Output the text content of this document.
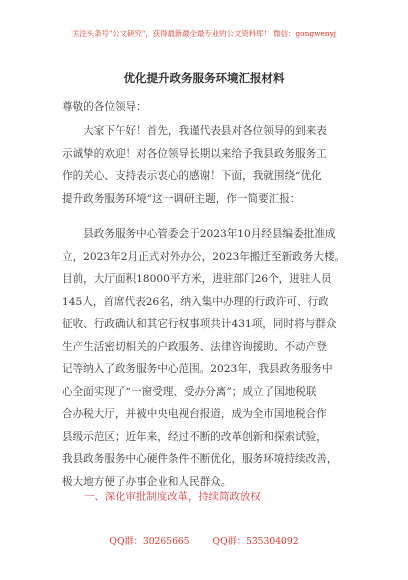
关注头条号"公文研究"，获得最新最全最专业的公文资料库！ 微信：gongwenyj
优化提升政务服务环境汇报材料
尊敬的各位领导：
　　大家下午好！首先，我谨代表县对各位领导的到来表
示诚挚的欢迎！对各位领导长期以来给予我县政务服务工
作的关心、支持表示衷心的感谢！下面，我就围绕“优化
提升政务服务环境”这一调研主题，作一简要汇报：
　　县政务服务中心管委会于2023年10月经县编委批准成
立，2023年2月正式对外办公，2023年搬迁至新政务大楼。
目前，大厅面积18000平方米，进驻部门26个，进驻人员
145人，首席代表26名，纳入集中办理的行政许可、行政
征收、行政确认和其它行权事项共计431项，同时将与群众
生产生活密切相关的户政服务、法律咨询援助、不动产登
记等纳入了政务服务中心范围。2023年，我县政务服务中
心全面实现了“一窗受理、受办分离”；成立了国地税联
合办税大厅，并被中央电视台报道，成为全市国地税合作
县级示范区；近年来，经过不断的改革创新和探索试验，
我县政务服务中心硬件条件不断优化，服务环境持续改善，
极大地方便了办事企业和人民群众。
一、深化审批制度改革，持续简政放权
QQ群：30265665 QQ群：535304092
